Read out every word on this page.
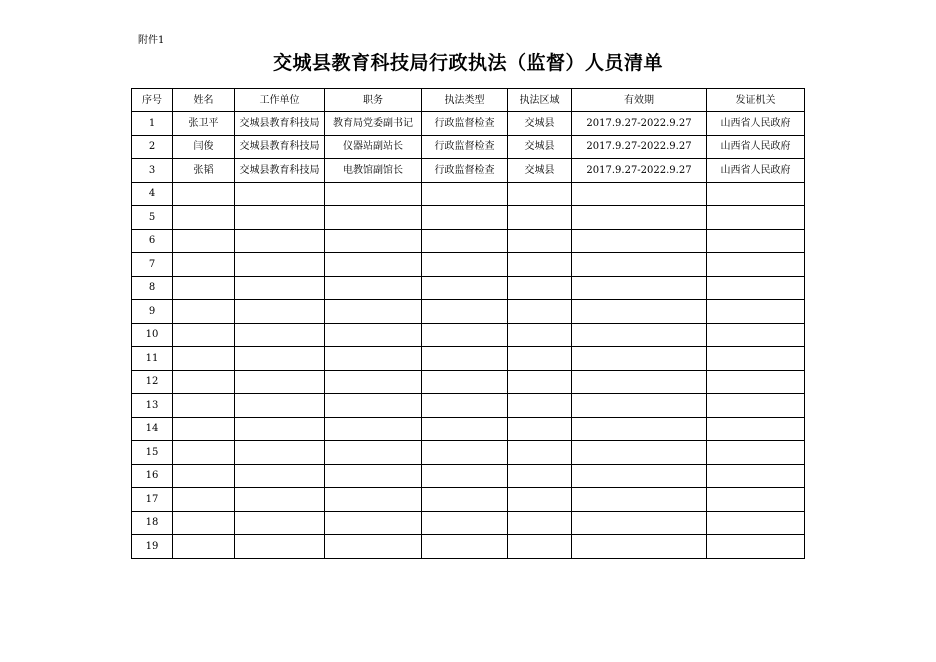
附件1
交城县教育科技局行政执法（监督）人员清单
序号	姓名	工作单位	职务	执法类型	执法区域	有效期	发证机关
1	张卫平	交城县教育科技局	教育局党委副书记	行政监督检查	交城县	2017.9.27-2022.9.27	山西省人民政府
2	闫俊	交城县教育科技局	仪器站副站长	行政监督检查	交城县	2017.9.27-2022.9.27	山西省人民政府
3	张韬	交城县教育科技局	电教馆副馆长	行政监督检查	交城县	2017.9.27-2022.9.27	山西省人民政府
4							
5							
6							
7							
8							
9							
10							
11							
12							
13							
14							
15							
16							
17							
18							
19							
